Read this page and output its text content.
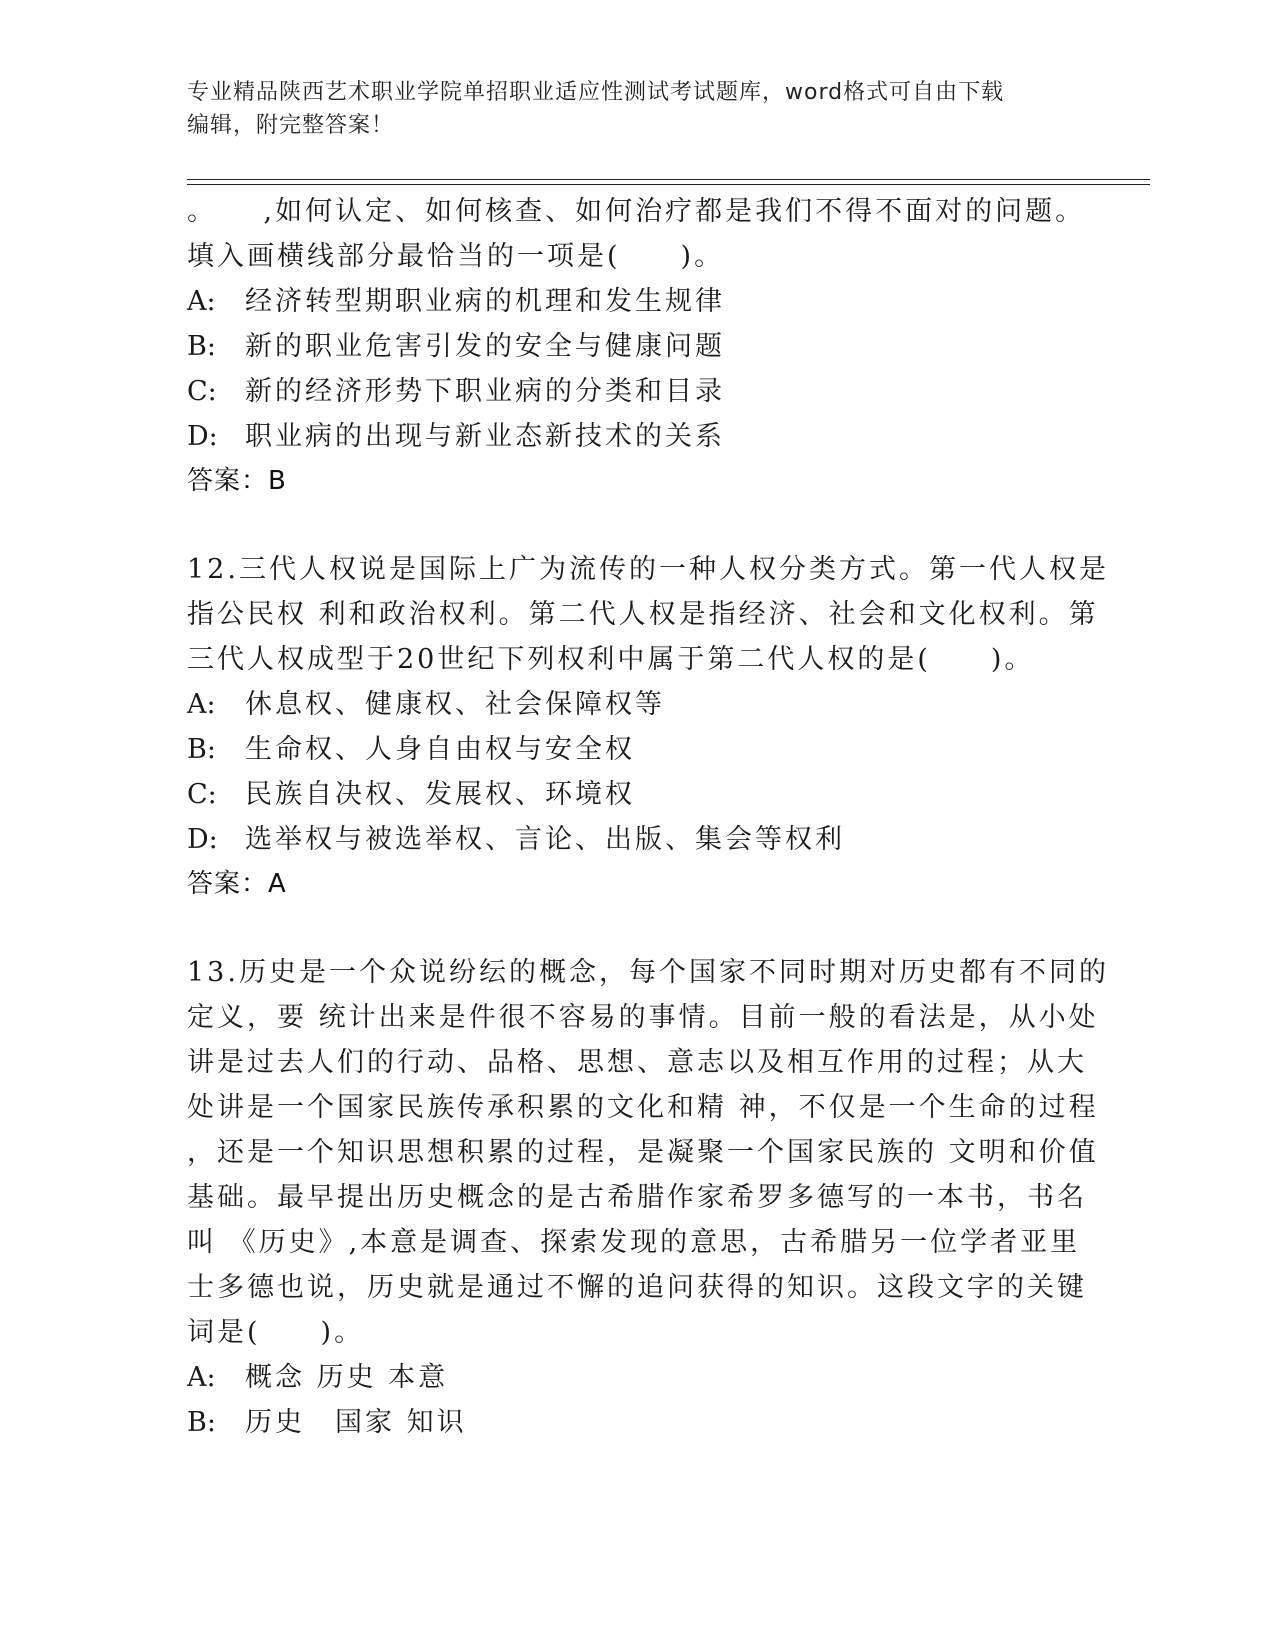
专业精品陕西艺术职业学院单招职业适应性测试考试题库，word格式可自由下载
编辑，附完整答案！
。　　,如何认定、如何核查、如何治疗都是我们不得不面对的问题。
填入画横线部分最恰当的一项是(　　)。
A:	经济转型期职业病的机理和发生规律
B:	新的职业危害引发的安全与健康问题
C:	新的经济形势下职业病的分类和目录
D:	职业病的出现与新业态新技术的关系
答案：B
12.三代人权说是国际上广为流传的一种人权分类方式。第一代人权是
指公民权 利和政治权利。第二代人权是指经济、社会和文化权利。第
三代人权成型于20世纪下列权利中属于第二代人权的是(　　)。
A:	休息权、健康权、社会保障权等
B:	生命权、人身自由权与安全权
C:	民族自决权、发展权、环境权
D:	选举权与被选举权、言论、出版、集会等权利
答案：A
13.历史是一个众说纷纭的概念，每个国家不同时期对历史都有不同的
定义，要 统计出来是件很不容易的事情。目前一般的看法是，从小处
讲是过去人们的行动、品格、思想、意志以及相互作用的过程；从大
处讲是一个国家民族传承积累的文化和精 神，不仅是一个生命的过程
，还是一个知识思想积累的过程，是凝聚一个国家民族的 文明和价值
基础。最早提出历史概念的是古希腊作家希罗多德写的一本书，书名
叫 《历史》,本意是调查、探索发现的意思，古希腊另一位学者亚里
士多德也说，历史就是通过不懈的追问获得的知识。这段文字的关键
词是(　　)。
A:	概念 历史 本意
B:	历史　国家 知识
